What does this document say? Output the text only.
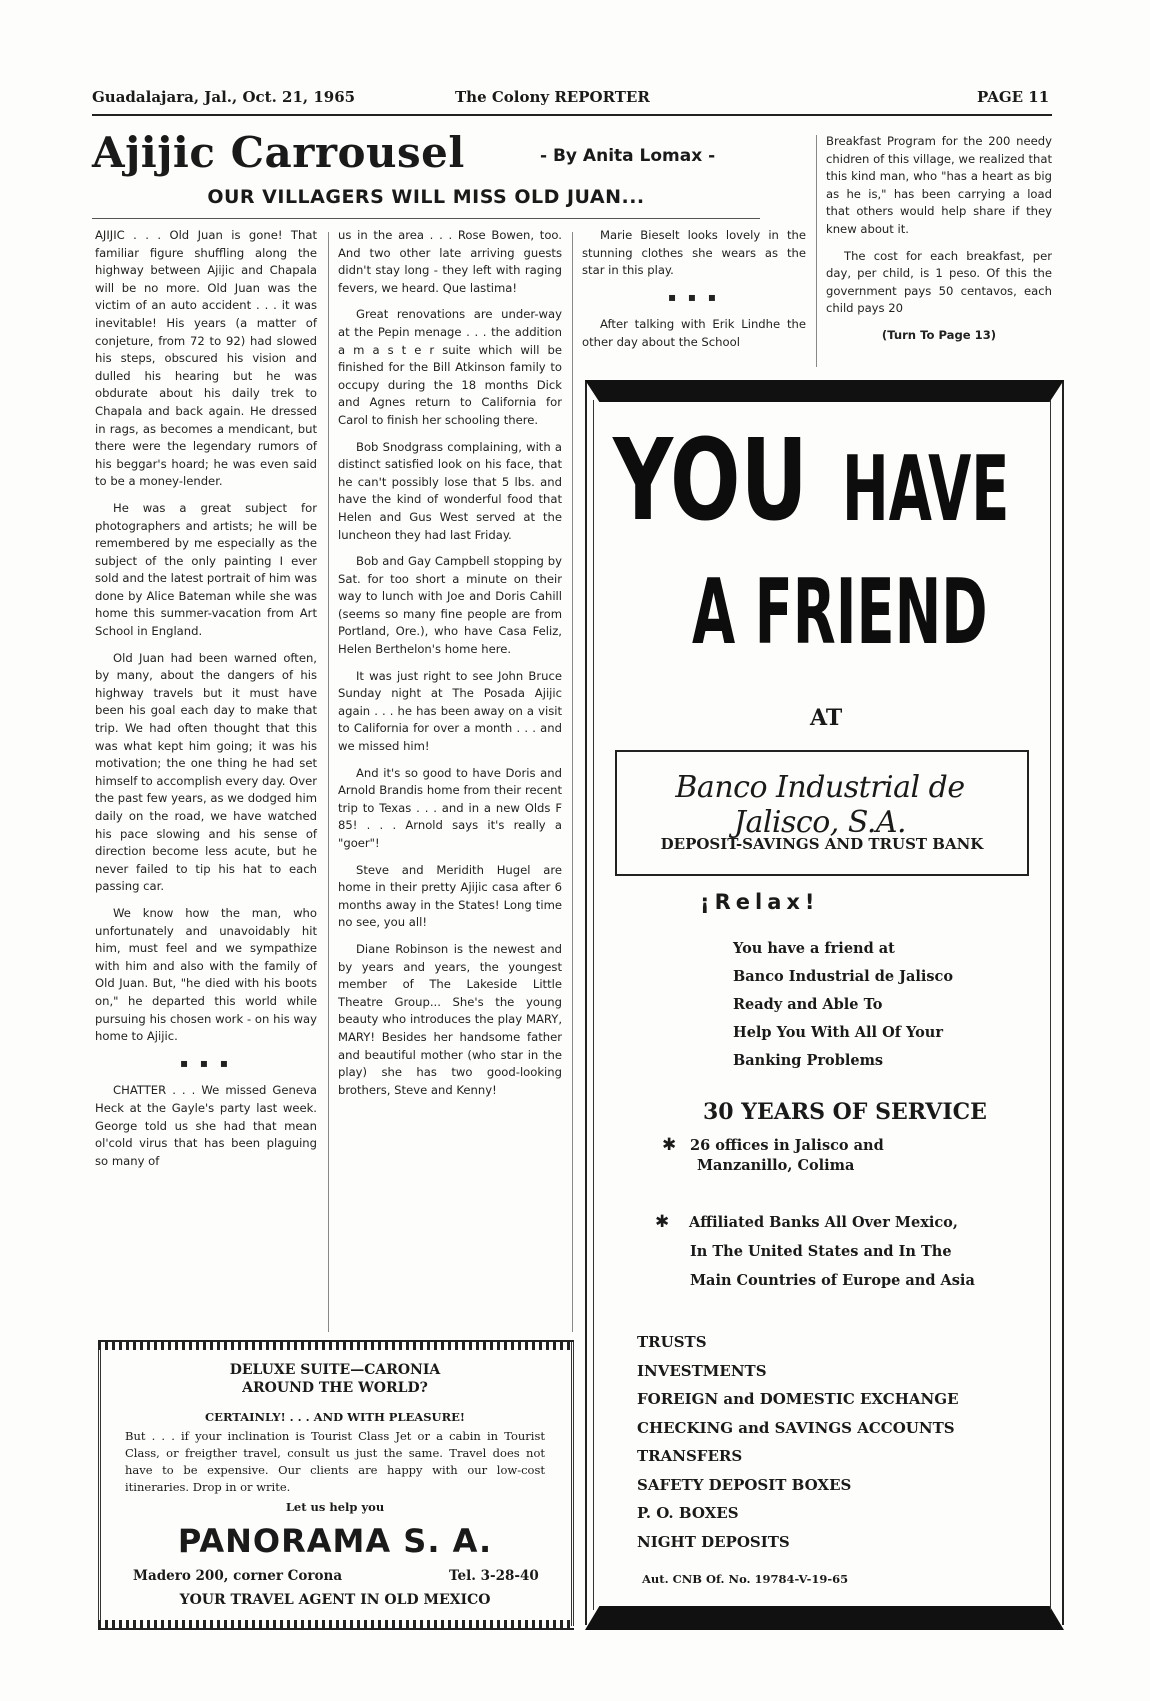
Guadalajara, Jal., Oct. 21, 1965	The Colony REPORTER	PAGE 11
Ajijic Carrousel	- By Anita Lomax -
OUR VILLAGERS WILL MISS OLD JUAN...

AJIJIC . . . Old Juan is gone! That familiar figure shuffling along the highway between Ajijic and Chapala will be no more. Old Juan was the victim of an auto accident . . . it was inevitable! His years (a matter of conjeture, from 72 to 92) had slowed his steps, obscured his vision and dulled his hearing but he was obdurate about his daily trek to Chapala and back again. He dressed in rags, as becomes a mendicant, but there were the legendary rumors of his beggar's hoard; he was even said to be a money-lender.

He was a great subject for photographers and artists; he will be remembered by me especially as the subject of the only painting I ever sold and the latest portrait of him was done by Alice Bateman while she was home this summer-vacation from Art School in England.

Old Juan had been warned often, by many, about the dangers of his highway travels but it must have been his goal each day to make that trip. We had often thought that this was what kept him going; it was his motivation; the one thing he had set himself to accomplish every day. Over the past few years, as we dodged him daily on the road, we have watched his pace slowing and his sense of direction become less acute, but he never failed to tip his hat to each passing car.

We know how the man, who unfortunately and unavoidably hit him, must feel and we sympathize with him and also with the family of Old Juan. But, "he died with his boots on," he departed this world while pursuing his chosen work - on his way home to Ajijic.

▪ ▪ ▪

CHATTER . . . We missed Geneva Heck at the Gayle's party last week. George told us she had that mean ol'cold virus that has been plaguing so many of

us in the area . . . Rose Bowen, too. And two other late arriving guests didn't stay long - they left with raging fevers, we heard. Que lastima!

Great renovations are under-way at the Pepin menage . . . the addition a m a s t e r suite which will be finished for the Bill Atkinson family to occupy during the 18 months Dick and Agnes return to California for Carol to finish her schooling there.

Bob Snodgrass complaining, with a distinct satisfied look on his face, that he can't possibly lose that 5 lbs. and have the kind of wonderful food that Helen and Gus West served at the luncheon they had last Friday.

Bob and Gay Campbell stopping by Sat. for too short a minute on their way to lunch with Joe and Doris Cahill (seems so many fine people are from Portland, Ore.), who have Casa Feliz, Helen Berthelon's home here.

It was just right to see John Bruce Sunday night at The Posada Ajijic again . . . he has been away on a visit to California for over a month . . . and we missed him!

And it's so good to have Doris and Arnold Brandis home from their recent trip to Texas . . . and in a new Olds F 85! . . . Arnold says it's really a "goer"!

Steve and Meridith Hugel are home in their pretty Ajijic casa after 6 months away in the States! Long time no see, you all!

Diane Robinson is the newest and by years and years, the youngest member of The Lakeside Little Theatre Group... She's the young beauty who introduces the play MARY, MARY! Besides her handsome father and beautiful mother (who star in the play) she has two good-looking brothers, Steve and Kenny!

Marie Bieselt looks lovely in the stunning clothes she wears as the star in this play.

▪ ▪ ▪

After talking with Erik Lindhe the other day about the School

Breakfast Program for the 200 needy chidren of this village, we realized that this kind man, who "has a heart as big as he is," has been carrying a load that others would help share if they knew about it.

The cost for each breakfast, per day, per child, is 1 peso. Of this the government pays 50 centavos, each child pays 20

(Turn To Page 13)
YOU HAVE
A FRIEND
AT
Banco Industrial de Jalisco, S.A.
DEPOSIT-SAVINGS AND TRUST BANK
¡Relax!
You have a friend at
Banco Industrial de Jalisco
Ready and Able To
Help You With All Of Your
Banking Problems
30 YEARS OF SERVICE
✱ 26 offices in Jalisco and
Manzanillo, Colima
✱ Affiliated Banks All Over Mexico,
In The United States and In The
Main Countries of Europe and Asia
TRUSTS
INVESTMENTS
FOREIGN and DOMESTIC EXCHANGE
CHECKING and SAVINGS ACCOUNTS
TRANSFERS
SAFETY DEPOSIT BOXES
P. O. BOXES
NIGHT DEPOSITS
Aut. CNB Of. No. 19784-V-19-65
DELUXE SUITE—CARONIA
AROUND THE WORLD?
CERTAINLY! . . . AND WITH PLEASURE!
But . . . if your inclination is Tourist Class Jet or a cabin in Tourist Class, or freigther travel, consult us just the same. Travel does not have to be expensive. Our clients are happy with our low-cost itineraries. Drop in or write.
Let us help you
PANORAMA S. A.
Madero 200, corner Corona	Tel. 3-28-40
YOUR TRAVEL AGENT IN OLD MEXICO
